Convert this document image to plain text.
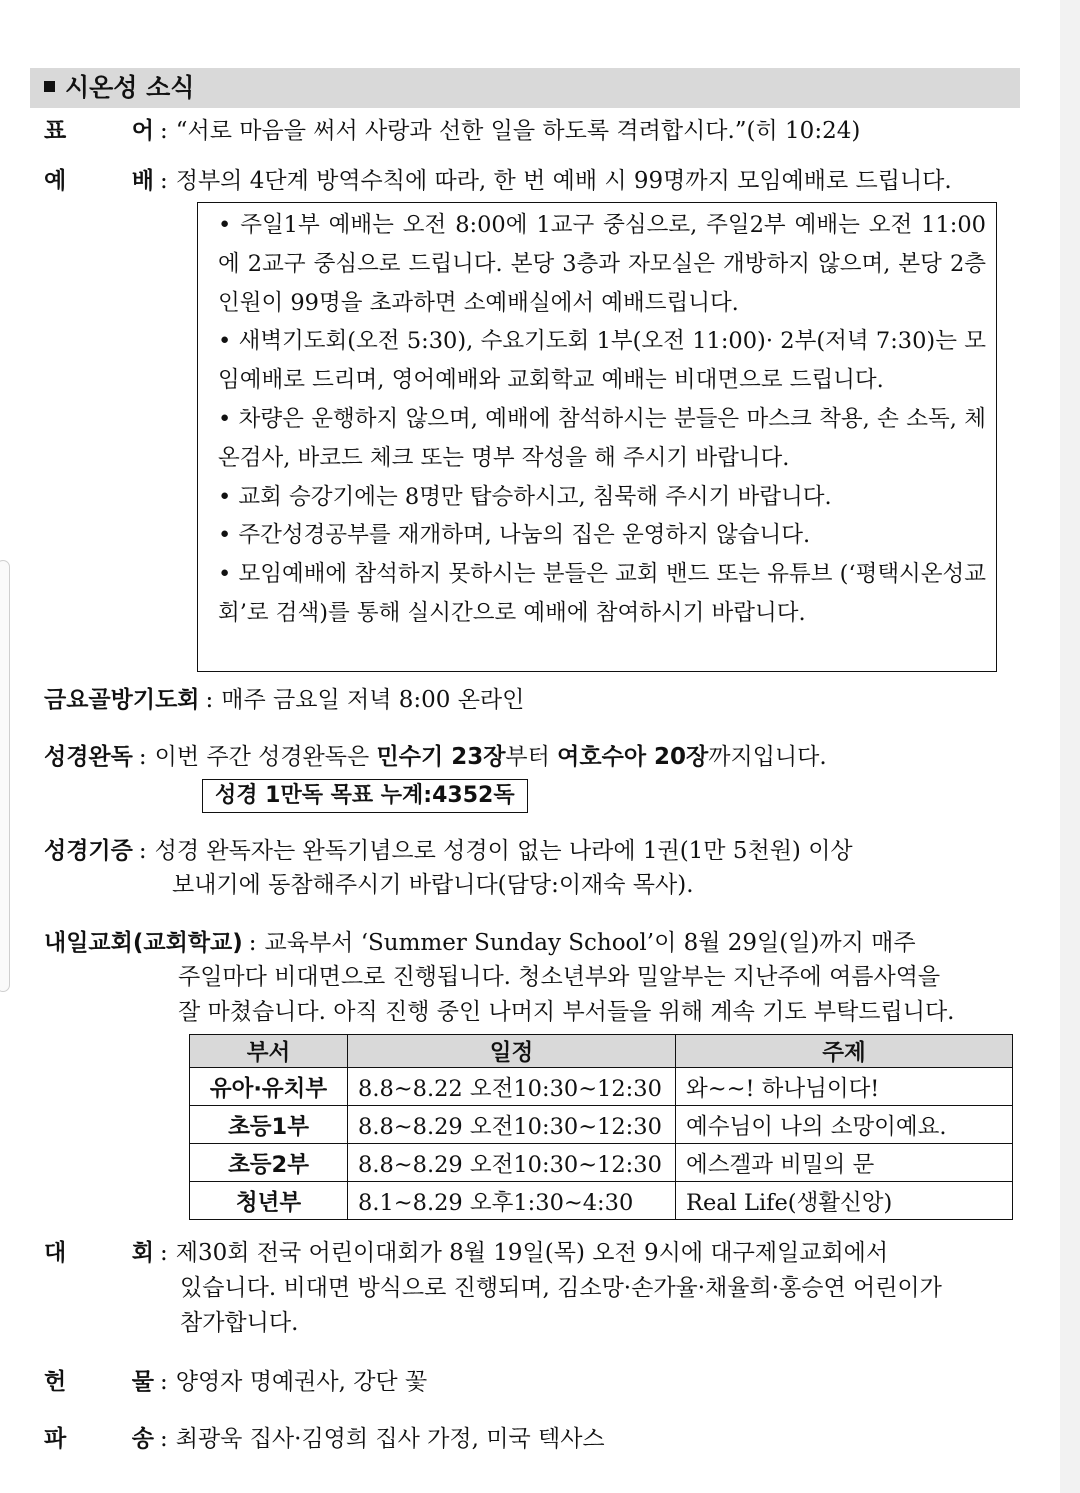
시온성 소식
표	어 : “서로 마음을 써서 사랑과 선한 일을 하도록 격려합시다.”(히 10:24)
예	배 : 정부의 4단계 방역수칙에 따라, 한 번 예배 시 99명까지 모임예배로 드립니다.

• 주일1부 예배는 오전 8:00에 1교구 중심으로, 주일2부 예배는 오전 11:00에 2교구 중심으로 드립니다. 본당 3층과 자모실은 개방하지 않으며, 본당 2층 인원이 99명을 초과하면 소예배실에서 예배드립니다.

• 새벽기도회(오전 5:30), 수요기도회 1부(오전 11:00)· 2부(저녁 7:30)는 모임예배로 드리며, 영어예배와 교회학교 예배는 비대면으로 드립니다.

• 차량은 운행하지 않으며, 예배에 참석하시는 분들은 마스크 착용, 손 소독, 체온검사, 바코드 체크 또는 명부 작성을 해 주시기 바랍니다.

• 교회 승강기에는 8명만 탑승하시고, 침묵해 주시기 바랍니다.

• 주간성경공부를 재개하며, 나눔의 집은 운영하지 않습니다.

• 모임예배에 참석하지 못하시는 분들은 교회 밴드 또는 유튜브 (‘평택시온성교회’로 검색)를 통해 실시간으로 예배에 참여하시기 바랍니다.

금요골방기도회 : 매주 금요일 저녁 8:00 온라인
성경완독 : 이번 주간 성경완독은 민수기 23장부터 여호수아 20장까지입니다.
성경 1만독 목표 누계:4352독
성경기증 : 성경 완독자는 완독기념으로 성경이 없는 나라에 1권(1만 5천원) 이상
보내기에 동참해주시기 바랍니다(담당:이재숙 목사).
내일교회(교회학교) : 교육부서 ‘Summer Sunday School’이 8월 29일(일)까지 매주
주일마다 비대면으로 진행됩니다. 청소년부와 밀알부는 지난주에 여름사역을
잘 마쳤습니다. 아직 진행 중인 나머지 부서들을 위해 계속 기도 부탁드립니다.
부서	일정	주제
유아·유치부	8.8~8.22 오전10:30~12:30	와~~! 하나님이다!
초등1부	8.8~8.29 오전10:30~12:30	예수님이 나의 소망이예요.
초등2부	8.8~8.29 오전10:30~12:30	에스겔과 비밀의 문
청년부	8.1~8.29 오후1:30~4:30	Real Life(생활신앙)
대	회 : 제30회 전국 어린이대회가 8월 19일(목) 오전 9시에 대구제일교회에서
있습니다. 비대면 방식으로 진행되며, 김소망·손가율·채율희·홍승연 어린이가
참가합니다.
헌	물 : 양영자 명예권사, 강단 꽃
파	송 : 최광욱 집사·김영희 집사 가정, 미국 텍사스
